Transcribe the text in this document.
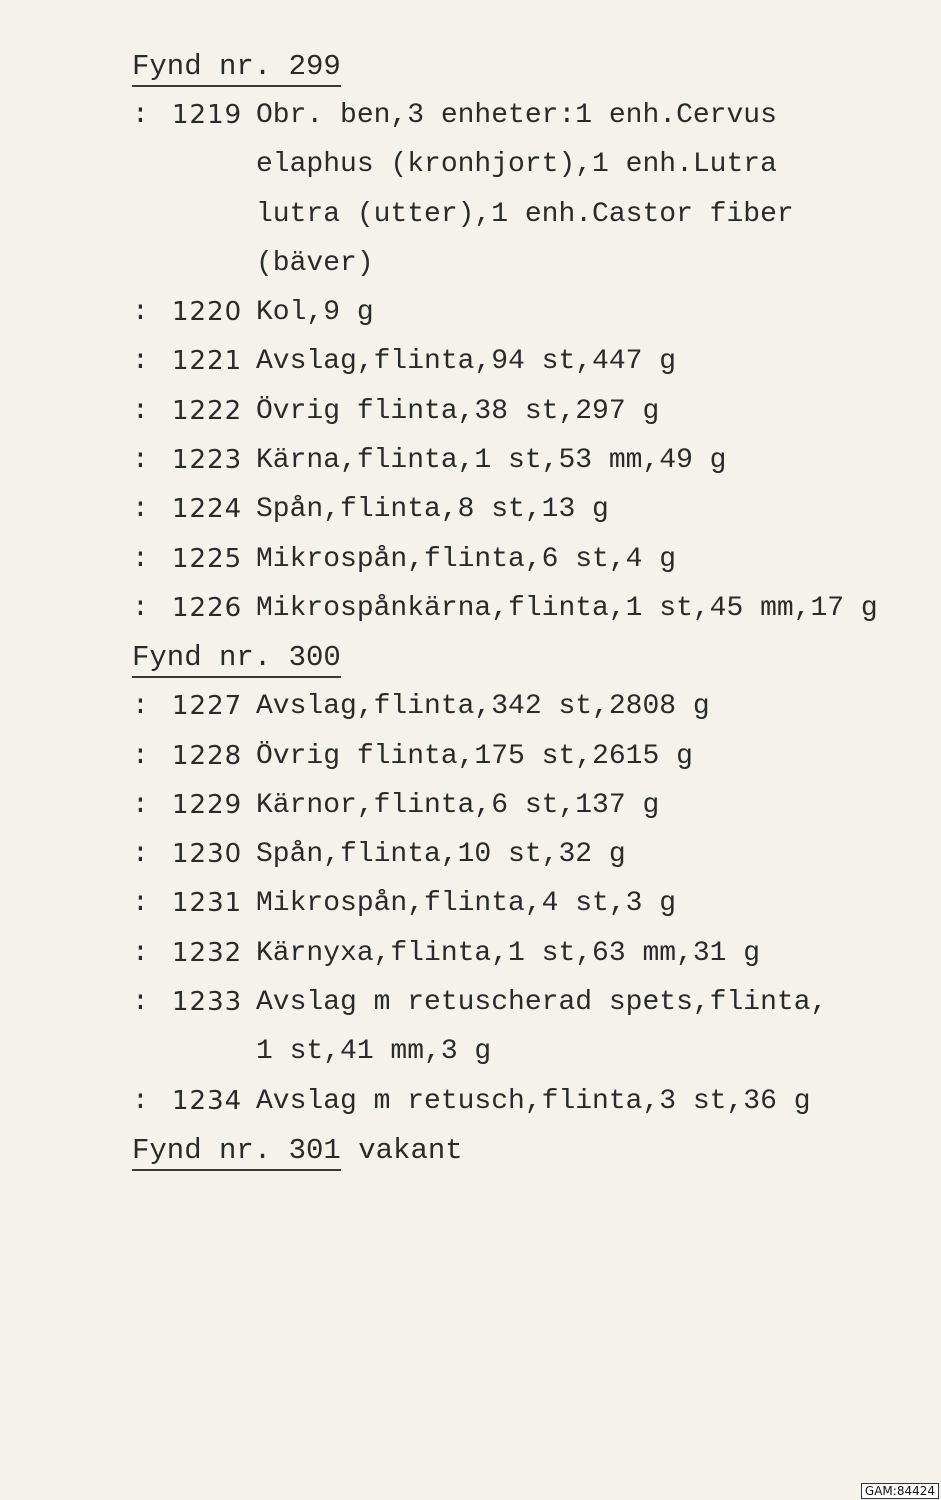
Fynd nr. 299
: 1219 Obr. ben,3 enheter:1 enh.Cervus
elaphus (kronhjort),1 enh.Lutra
lutra (utter),1 enh.Castor fiber
(bäver)
: 1220 Kol,9 g
: 1221 Avslag,flinta,94 st,447 g
: 1222 Övrig flinta,38 st,297 g
: 1223 Kärna,flinta,1 st,53 mm,49 g
: 1224 Spån,flinta,8 st,13 g
: 1225 Mikrospån,flinta,6 st,4 g
: 1226 Mikrospånkärna,flinta,1 st,45 mm,17 g
Fynd nr. 300
: 1227 Avslag,flinta,342 st,2808 g
: 1228 Övrig flinta,175 st,2615 g
: 1229 Kärnor,flinta,6 st,137 g
: 1230 Spån,flinta,10 st,32 g
: 1231 Mikrospån,flinta,4 st,3 g
: 1232 Kärnyxa,flinta,1 st,63 mm,31 g
: 1233 Avslag m retuscherad spets,flinta,
1 st,41 mm,3 g
: 1234 Avslag m retusch,flinta,3 st,36 g
Fynd nr. 301 vakant
GAM:84424
